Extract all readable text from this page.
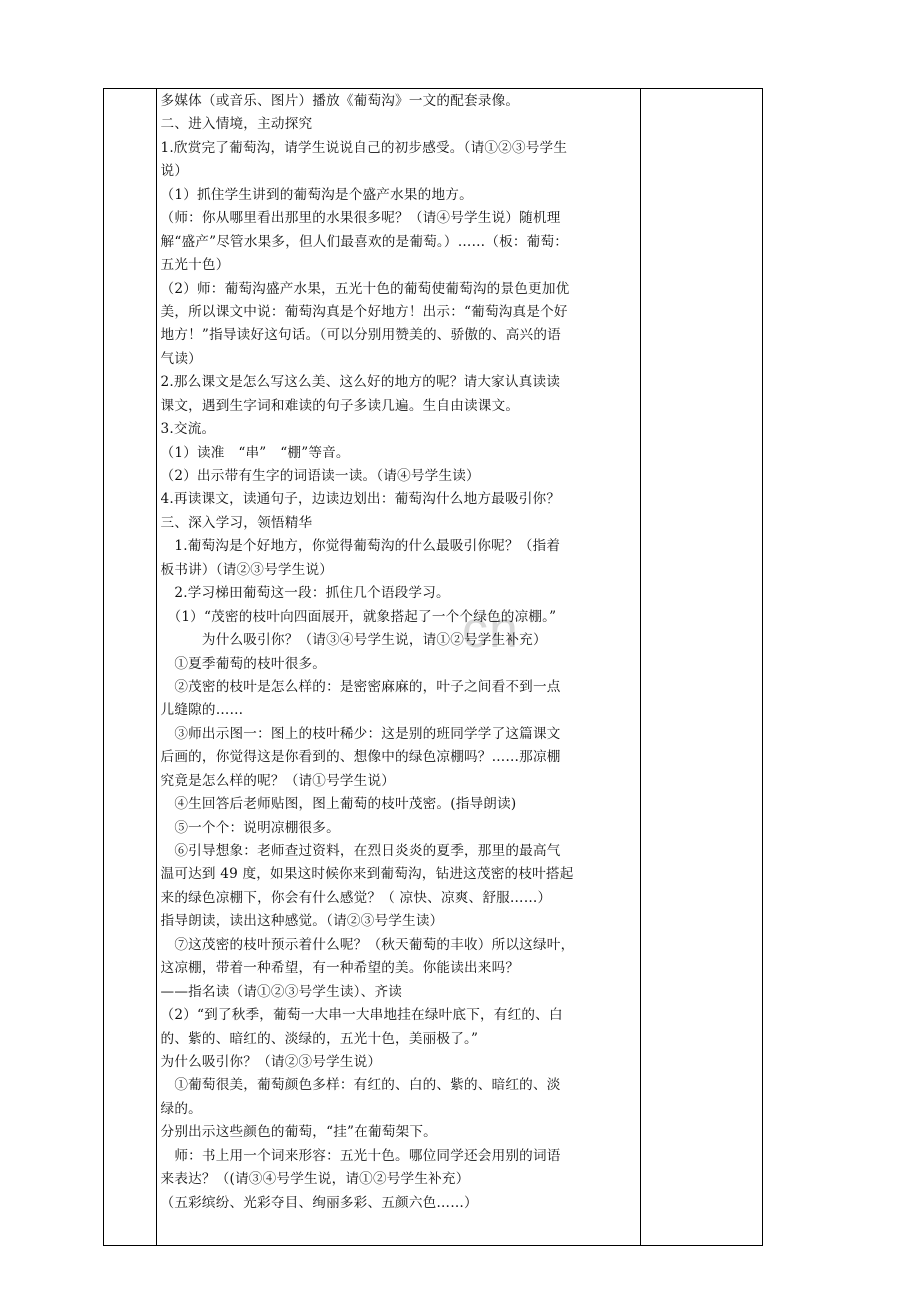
cn

多媒体（或音乐、图片）播放《葡萄沟》一文的配套录像。
二、进入情境，主动探究
1.欣赏完了葡萄沟，请学生说说自己的初步感受。（请①②③号学生
说）
（1）抓住学生讲到的葡萄沟是个盛产水果的地方。
（师：你从哪里看出那里的水果很多呢？（请④号学生说）随机理
解“盛产”尽管水果多，但人们最喜欢的是葡萄。）……（板：葡萄：
五光十色）
（2）师：葡萄沟盛产水果，五光十色的葡萄使葡萄沟的景色更加优
美，所以课文中说：葡萄沟真是个好地方！出示：“葡萄沟真是个好
地方！”指导读好这句话。（可以分别用赞美的、骄傲的、高兴的语
气读）
2.那么课文是怎么写这么美、这么好的地方的呢？请大家认真读读
课文，遇到生字词和难读的句子多读几遍。生自由读课文。
3.交流。
（1）读准　“串”　“棚”等音。
（2）出示带有生字的词语读一读。（请④号学生读）
4.再读课文，读通句子，边读边划出：葡萄沟什么地方最吸引你？
三、深入学习，领悟精华
　1.葡萄沟是个好地方，你觉得葡萄沟的什么最吸引你呢？（指着
板书讲）（请②③号学生说）
　2.学习梯田葡萄这一段：抓住几个语段学习。
　（1）“茂密的枝叶向四面展开，就象搭起了一个个绿色的凉棚。”
　　　为什么吸引你？（请③④号学生说，请①②号学生补充）
　①夏季葡萄的枝叶很多。
　②茂密的枝叶是怎么样的：是密密麻麻的，叶子之间看不到一点
儿缝隙的……
　③师出示图一：图上的枝叶稀少：这是别的班同学学了这篇课文
后画的，你觉得这是你看到的、想像中的绿色凉棚吗？……那凉棚
究竟是怎么样的呢？（请①号学生说）
　④生回答后老师贴图，图上葡萄的枝叶茂密。(指导朗读)
　⑤一个个：说明凉棚很多。
　⑥引导想象：老师查过资料，在烈日炎炎的夏季，那里的最高气
温可达到 49 度，如果这时候你来到葡萄沟，钻进这茂密的枝叶搭起
来的绿色凉棚下，你会有什么感觉？（ 凉快、凉爽、舒服……）
指导朗读，读出这种感觉。（请②③号学生读）
　⑦这茂密的枝叶预示着什么呢？（秋天葡萄的丰收）所以这绿叶，
这凉棚，带着一种希望，有一种希望的美。你能读出来吗？
——指名读（请①②③号学生读）、齐读
（2）“到了秋季，葡萄一大串一大串地挂在绿叶底下，有红的、白
的、紫的、暗红的、淡绿的，五光十色，美丽极了。”
为什么吸引你？（请②③号学生说）
　①葡萄很美，葡萄颜色多样：有红的、白的、紫的、暗红的、淡
绿的。
分别出示这些颜色的葡萄，“挂”在葡萄架下。
　师：书上用一个词来形容：五光十色。哪位同学还会用别的词语
来表达？（(请③④号学生说，请①②号学生补充）
（五彩缤纷、光彩夺目、绚丽多彩、五颜六色……）
